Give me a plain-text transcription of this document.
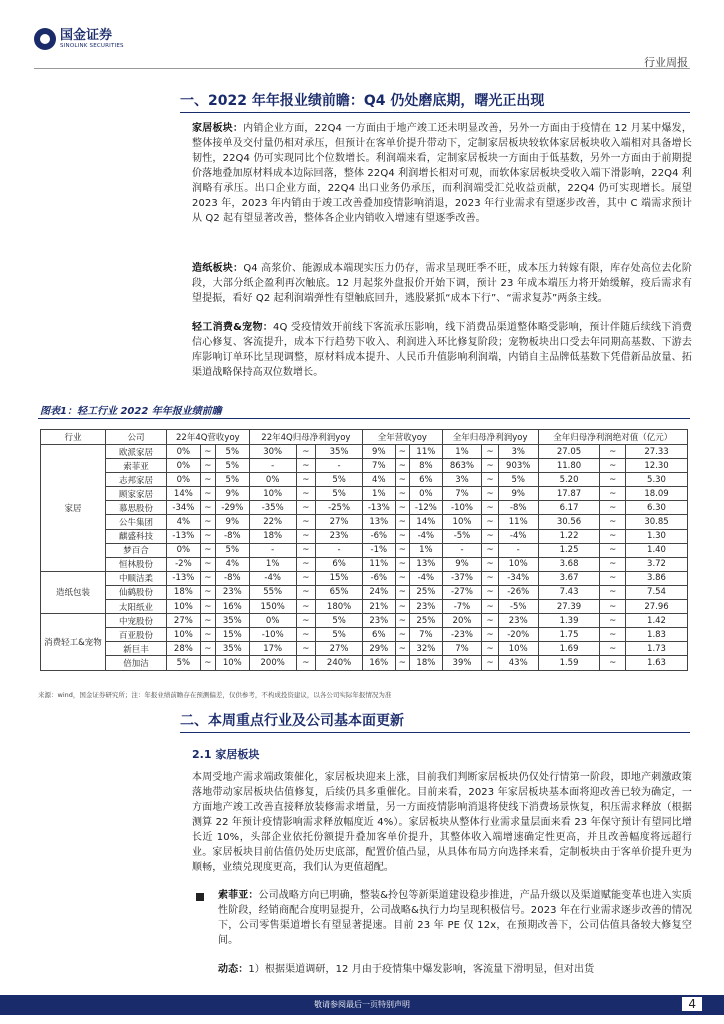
国金证券
SINOLINK SECURITIES
行业周报
一、2022 年年报业绩前瞻：Q4 仍处磨底期，曙光正出现
家居板块：内销企业方面，22Q4 一方面由于地产竣工还未明显改善，另外一方面由于疫情在 12 月某中爆发，整体接单及交付量仍相对承压，但预计在客单价提升带动下，定制家居板块较软体家居板块收入端相对具备增长韧性，22Q4 仍可实现同比个位数增长。利润端来看，定制家居板块一方面由于低基数，另外一方面由于前期提价落地叠加原材料成本边际回落，整体 22Q4 利润增长相对可观，而软体家居板块受收入端下滑影响，22Q4 利润略有承压。出口企业方面，22Q4 出口业务仍承压，而利润端受汇兑收益贡献，22Q4 仍可实现增长。展望 2023 年，2023 年内销由于竣工改善叠加疫情影响消退，2023 年行业需求有望逐步改善，其中 C 端需求预计从 Q2 起有望显著改善，整体各企业内销收入增速有望逐季改善。
造纸板块：Q4 高浆价、能源成本端现实压力仍存，需求呈现旺季不旺，成本压力转嫁有限，库存处高位去化阶段，大部分纸企盈利再次触底。12 月起浆外盘报价开始下调，预计 23 年成本端压力将开始缓解，疫后需求有望提振，看好 Q2 起利润端弹性有望触底回升，逃股紧抓“成本下行”、“需求复苏”两条主线。
轻工消费&宠物：4Q 受疫情效开前线下客流承压影响，线下消费品渠道整体略受影响，预计伴随后续线下消费信心修复、客流提升，成本下行趋势下收入、利润进入环比修复阶段；宠物板块出口受去年同期高基数、下游去库影响订单环比呈现调整，原材料成本提升、人民币升值影响利润端，内销自主品牌低基数下凭借新品放量、拓渠道战略保持高双位数增长。
图表1：轻工行业 2022 年年报业绩前瞻
行业	公司	22年4Q营收yoy			22年4Q归母净利润yoy			全年营收yoy			全年归母净利润yoy			全年归母净利润绝对值（亿元）		
家居	欧派家居	0%	~	5%	30%	~	35%	9%	~	11%	1%	~	3%	27.05	~	27.33
	索菲亚	0%	~	5%	-	~	-	7%	~	8%	863%	~	903%	11.80	~	12.30
	志邦家居	0%	~	5%	0%	~	5%	4%	~	6%	3%	~	5%	5.20	~	5.30
	顾家家居	14%	~	9%	10%	~	5%	1%	~	0%	7%	~	9%	17.87	~	18.09
	慕思股份	-34%	~	-29%	-35%	~	-25%	-13%	~	-12%	-10%	~	-8%	6.17	~	6.30
	公牛集团	4%	~	9%	22%	~	27%	13%	~	14%	10%	~	11%	30.56	~	30.85
	麒盛科技	-13%	~	-8%	18%	~	23%	-6%	~	-4%	-5%	~	-4%	1.22	~	1.30
	梦百合	0%	~	5%	-	~	-	-1%	~	1%	-	~	-	1.25	~	1.40
	恒林股份	-2%	~	4%	1%	~	6%	11%	~	13%	9%	~	10%	3.68	~	3.72
造纸包装	中顺洁柔	-13%	~	-8%	-4%	~	15%	-6%	~	-4%	-37%	~	-34%	3.67	~	3.86
	仙鹤股份	18%	~	23%	55%	~	65%	24%	~	25%	-27%	~	-26%	7.43	~	7.54
	太阳纸业	10%	~	16%	150%	~	180%	21%	~	23%	-7%	~	-5%	27.39	~	27.96
消费轻工&宠物	中宠股份	27%	~	35%	0%	~	5%	23%	~	25%	20%	~	23%	1.39	~	1.42
	百亚股份	10%	~	15%	-10%	~	5%	6%	~	7%	-23%	~	-20%	1.75	~	1.83
	新巨丰	28%	~	35%	17%	~	27%	29%	~	32%	7%	~	10%	1.69	~	1.73
	倍加洁	5%	~	10%	200%	~	240%	16%	~	18%	39%	~	43%	1.59	~	1.63
来源：wind，国金证券研究所；注：年报业绩前瞻存在预测偏差，仅供参考，不构成投资建议，以各公司实际年报情况为准
二、本周重点行业及公司基本面更新
2.1 家居板块
本周受地产需求端政策催化，家居板块迎来上涨，目前我们判断家居板块仍仅处行情第一阶段，即地产刺激政策落地带动家居板块估值修复，后续仍具多重催化。目前来看，2023 年家居板块基本面将迎改善已较为确定，一方面地产竣工改善直接释放装修需求增量，另一方面疫情影响消退将使线下消费场景恢复，积压需求释放（根据测算 22 年预计疫情影响需求释放幅度近 4%）。家居板块从整体行业需求量层面来看 23 年保守预计有望同比增长近 10%，头部企业依托份额提升叠加客单价提升，其整体收入端增速确定性更高，并且改善幅度将远超行业。家居板块目前估值仍处历史底部，配置价值凸显，从具体布局方向选择来看，定制板块由于客单价提升更为顺畅，业绩兑现度更高，我们认为更值超配。
索菲亚：公司战略方向已明确，整装&拎包等新渠道建设稳步推进，产品升级以及渠道赋能变革也进入实质性阶段，经销商配合度明显提升，公司战略&执行力均呈现积极信号。2023 年在行业需求逐步改善的情况下，公司零售渠道增长有望显著提速。目前 23 年 PE 仅 12x，在预期改善下，公司估值具备较大修复空间。
动态：1）根据渠道调研，12 月由于疫情集中爆发影响，客流量下滑明显，但对出货
敬请参阅最后一页特别声明	4
